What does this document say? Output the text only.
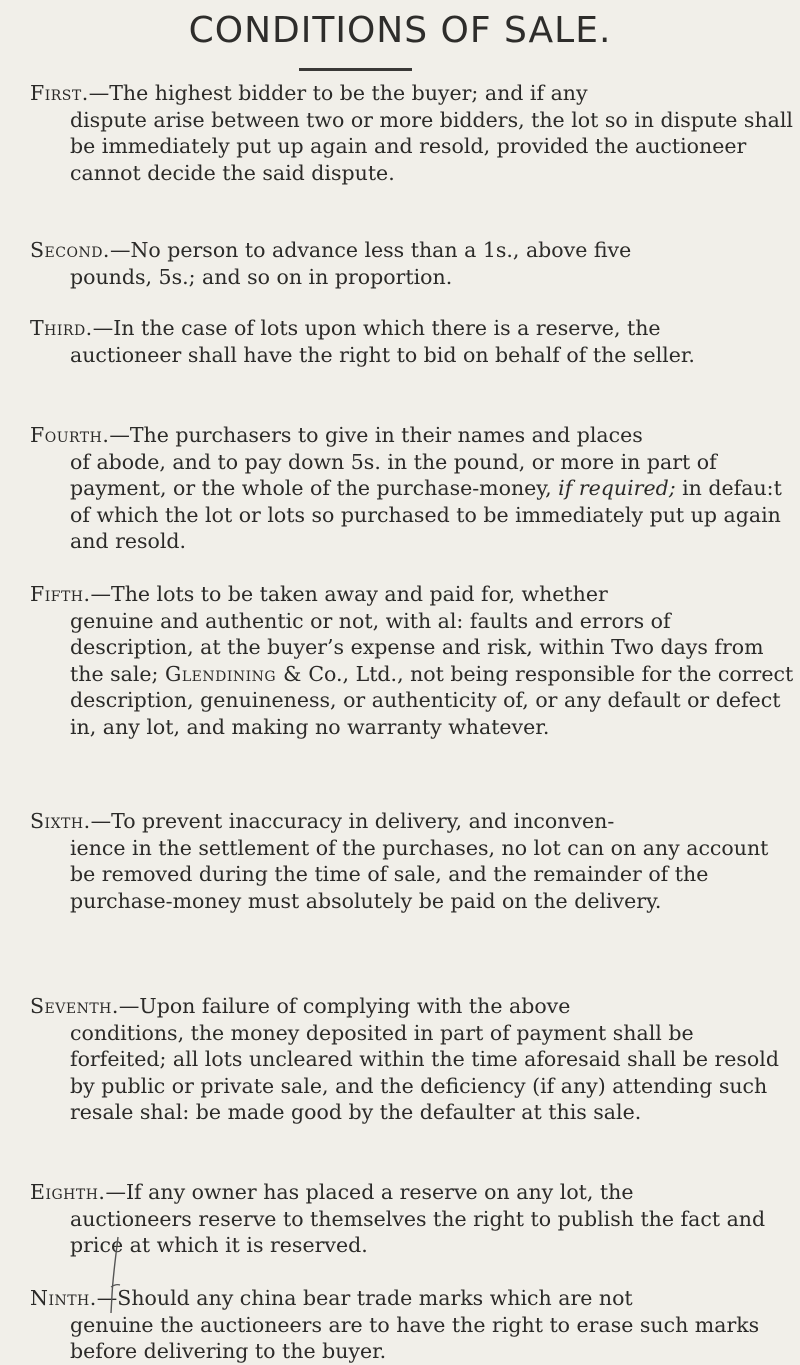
CONDITIONS OF SALE.

First.—The highest bidder to be the buyer; and if any
dispute arise between two or more bidders, the lot so in dispute shall be immediately put up again and resold, provided the auctioneer cannot decide the said dispute.

Second.—No person to advance less than a 1s., above five
pounds, 5s.; and so on in proportion.

Third.—In the case of lots upon which there is a reserve, the
auctioneer shall have the right to bid on behalf of the seller.

Fourth.—The purchasers to give in their names and places
of abode, and to pay down 5s. in the pound, or more in part of payment, or the whole of the purchase-money, if required; in defau:t of which the lot or lots so purchased to be immediately put up again and resold.

Fifth.—The lots to be taken away and paid for, whether
genuine and authentic or not, with al: faults and errors of description, at the buyer’s expense and risk, within Two days from the sale; Glendining & Co., Ltd., not being responsible for the correct description, genuineness, or authenticity of, or any default or defect in, any lot, and making no warranty whatever.

Sixth.—To prevent inaccuracy in delivery, and inconven-
ience in the settlement of the purchases, no lot can on any account be removed during the time of sale, and the remainder of the purchase-money must absolutely be paid on the delivery.

Seventh.—Upon failure of complying with the above
conditions, the money deposited in part of payment shall be forfeited; all lots uncleared within the time aforesaid shall be resold by public or private sale, and the deficiency (if any) attending such resale shal: be made good by the defaulter at this sale.

Eighth.—If any owner has placed a reserve on any lot, the
auctioneers reserve to themselves the right to publish the fact and price at which it is reserved.

Ninth.—Should any china bear trade marks which are not
genuine the auctioneers are to have the right to erase such marks before delivering to the buyer.
